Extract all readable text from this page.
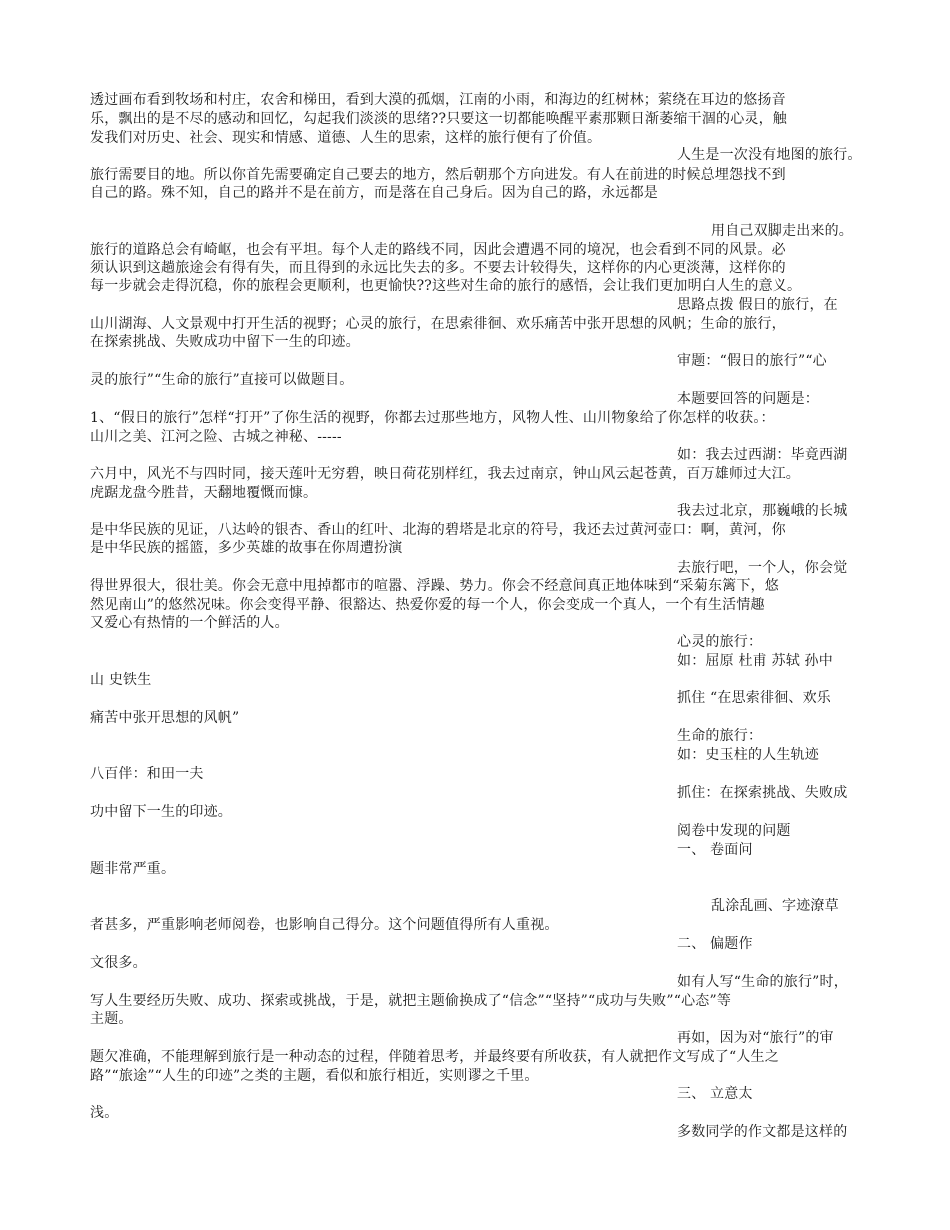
透过画布看到牧场和村庄，农舍和梯田，看到大漠的孤烟，江南的小雨，和海边的红树林；萦绕在耳边的悠扬音
乐，飘出的是不尽的感动和回忆，勾起我们淡淡的思绪??只要这一切都能唤醒平素那颗日渐萎缩干涸的心灵，触
发我们对历史、社会、现实和情感、道德、人生的思索，这样的旅行便有了价值。
人生是一次没有地图的旅行。
旅行需要目的地。所以你首先需要确定自己要去的地方，然后朝那个方向进发。有人在前进的时候总埋怨找不到
自己的路。殊不知，自己的路并不是在前方，而是落在自己身后。因为自己的路，永远都是
用自己双脚走出来的。
旅行的道路总会有崎岖，也会有平坦。每个人走的路线不同，因此会遭遇不同的境况，也会看到不同的风景。必
须认识到这趟旅途会有得有失，而且得到的永远比失去的多。不要去计较得失，这样你的内心更淡薄，这样你的
每一步就会走得沉稳，你的旅程会更顺利，也更愉快??这些对生命的旅行的感悟，会让我们更加明白人生的意义。
思路点拨 假日的旅行，在
山川湖海、人文景观中打开生活的视野；心灵的旅行，在思索徘徊、欢乐痛苦中张开思想的风帆；生命的旅行，
在探索挑战、失败成功中留下一生的印迹。
审题：“假日的旅行”“心
灵的旅行”“生命的旅行”直接可以做题目。
本题要回答的问题是：
1、“假日的旅行”怎样“打开”了你生活的视野，你都去过那些地方，风物人性、山川物象给了你怎样的收获。：
山川之美、江河之险、古城之神秘、-----
如：我去过西湖：毕竟西湖
六月中，风光不与四时同，接天莲叶无穷碧，映日荷花别样红，我去过南京，钟山风云起苍黄，百万雄师过大江。
虎踞龙盘今胜昔，天翻地覆慨而慷。
我去过北京，那巍峨的长城
是中华民族的见证，八达岭的银杏、香山的红叶、北海的碧塔是北京的符号，我还去过黄河壶口：啊，黄河，你
是中华民族的摇篮，多少英雄的故事在你周遭扮演
去旅行吧，一个人，你会觉
得世界很大，很壮美。你会无意中甩掉都市的喧嚣、浮躁、势力。你会不经意间真正地体味到“采菊东篱下，悠
然见南山”的悠然况味。你会变得平静、很豁达、热爱你爱的每一个人，你会变成一个真人，一个有生活情趣
又爱心有热情的一个鲜活的人。
心灵的旅行：
如：屈原 杜甫 苏轼 孙中
山 史铁生
抓住 “在思索徘徊、欢乐
痛苦中张开思想的风帆”
生命的旅行：
如：史玉柱的人生轨迹
八百伴：和田一夫
抓住：在探索挑战、失败成
功中留下一生的印迹。
阅卷中发现的问题
一、 卷面问
题非常严重。
乱涂乱画、字迹潦草
者甚多，严重影响老师阅卷，也影响自己得分。这个问题值得所有人重视。
二、 偏题作
文很多。
如有人写“生命的旅行”时，
写人生要经历失败、成功、探索或挑战，于是，就把主题偷换成了“信念”“坚持”“成功与失败”“心态”等
主题。
再如，因为对“旅行”的审
题欠准确，不能理解到旅行是一种动态的过程，伴随着思考，并最终要有所收获，有人就把作文写成了“人生之
路”“旅途”“人生的印迹”之类的主题，看似和旅行相近，实则谬之千里。
三、 立意太
浅。
多数同学的作文都是这样的
